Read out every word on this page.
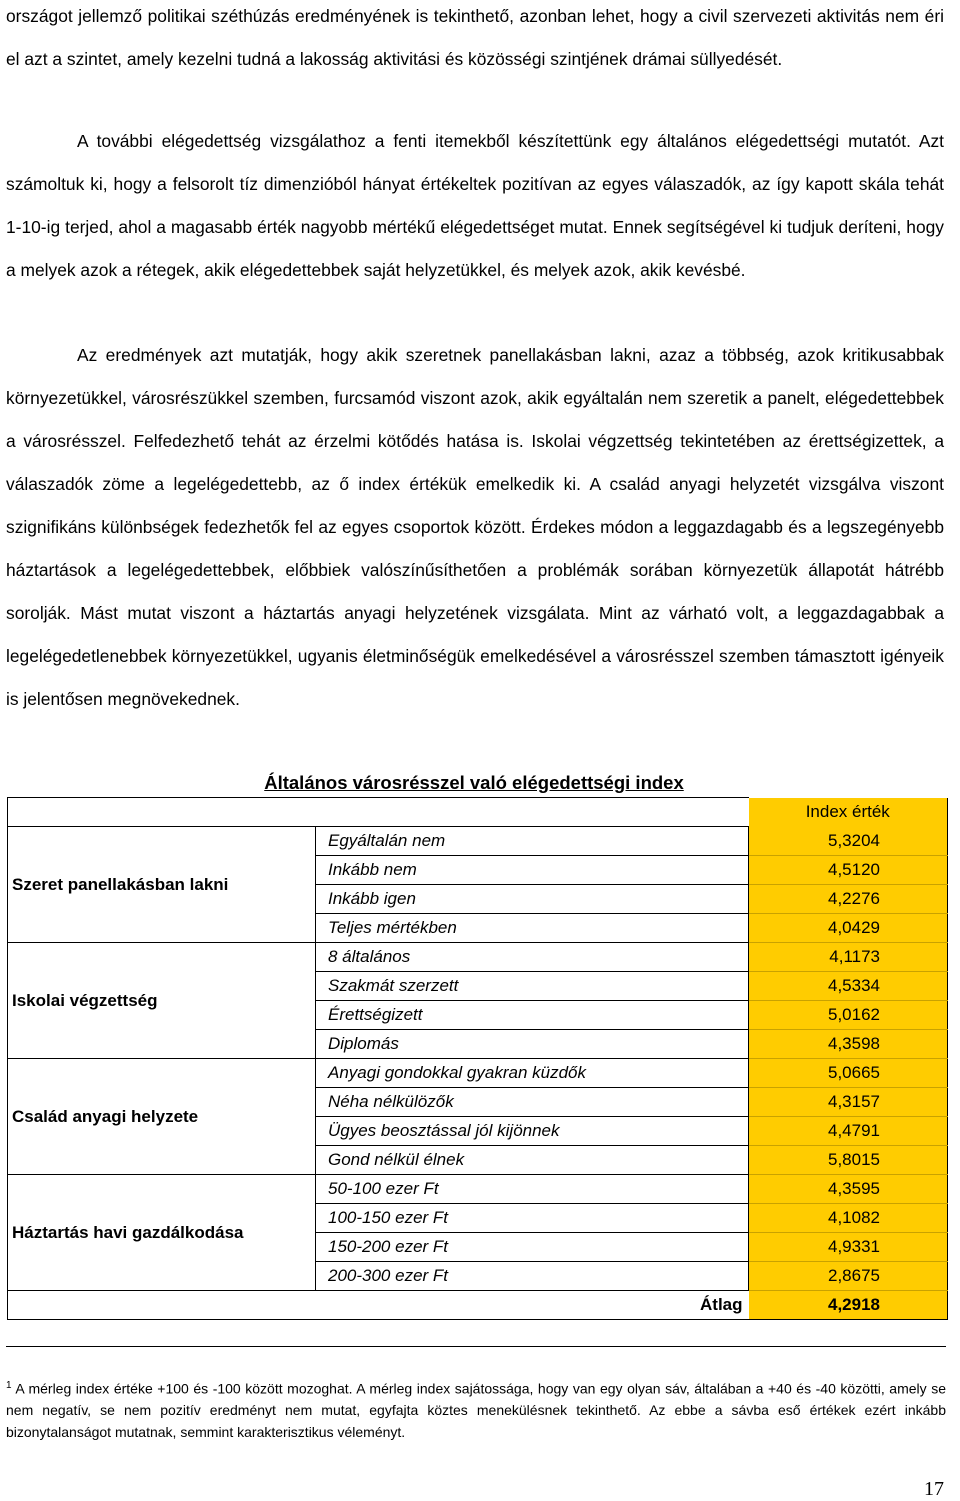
országot jellemző politikai széthúzás eredményének is tekinthető, azonban lehet, hogy a civil szervezeti aktivitás nem éri el azt a szintet, amely kezelni tudná a lakosság aktivitási és közösségi szintjének drámai süllyedését.

A további elégedettség vizsgálathoz a fenti itemekből készítettünk egy általános elégedettségi mutatót. Azt számoltuk ki, hogy a felsorolt tíz dimenzióból hányat értékeltek pozitívan az egyes válaszadók, az így kapott skála tehát 1-10-ig terjed, ahol a magasabb érték nagyobb mértékű elégedettséget mutat. Ennek segítségével ki tudjuk deríteni, hogy a melyek azok a rétegek, akik elégedettebbek saját helyzetükkel, és melyek azok, akik kevésbé.

Az eredmények azt mutatják, hogy akik szeretnek panellakásban lakni, azaz a többség, azok kritikusabbak környezetükkel, városrészükkel szemben, furcsamód viszont azok, akik egyáltalán nem szeretik a panelt, elégedettebbek a városrésszel. Felfedezhető tehát az érzelmi kötődés hatása is. Iskolai végzettség tekintetében az érettségizettek, a válaszadók zöme a legelégedettebb, az ő index értékük emelkedik ki. A család anyagi helyzetét vizsgálva viszont szignifikáns különbségek fedezhetők fel az egyes csoportok között. Érdekes módon a leggazdagabb és a legszegényebb háztartások a legelégedettebbek, előbbiek valószínűsíthetően a problémák sorában környezetük állapotát hátrébb sorolják. Mást mutat viszont a háztartás anyagi helyzetének vizsgálata. Mint az várható volt, a leggazdagabbak a legelégedetlenebbek környezetükkel, ugyanis életminőségük emelkedésével a városrésszel szemben támasztott igényeik is jelentősen megnövekednek.

Általános városrésszel való elégedettségi index
		Index érték
Szeret panellakásban lakni	Egyáltalán nem	5,3204
	Inkább nem	4,5120
	Inkább igen	4,2276
	Teljes mértékben	4,0429
Iskolai végzettség	8 általános	4,1173
	Szakmát szerzett	4,5334
	Érettségizett	5,0162
	Diplomás	4,3598
Család anyagi helyzete	Anyagi gondokkal gyakran küzdők	5,0665
	Néha nélkülözők	4,3157
	Ügyes beosztással jól kijönnek	4,4791
	Gond nélkül élnek	5,8015
Háztartás havi gazdálkodása	50-100 ezer Ft	4,3595
	100-150 ezer Ft	4,1082
	150-200 ezer Ft	4,9331
	200-300 ezer Ft	2,8675
Átlag		4,2918

$^1$ A mérleg index értéke +100 és -100 között mozoghat. A mérleg index sajátossága, hogy van egy olyan sáv, általában a +40 és -40 közötti, amely se nem negatív, se nem pozitív eredményt nem mutat, egyfajta köztes menekülésnek tekinthető. Az ebbe a sávba eső értékek ezért inkább bizonytalanságot mutatnak, semmint karakterisztikus véleményt.

17
